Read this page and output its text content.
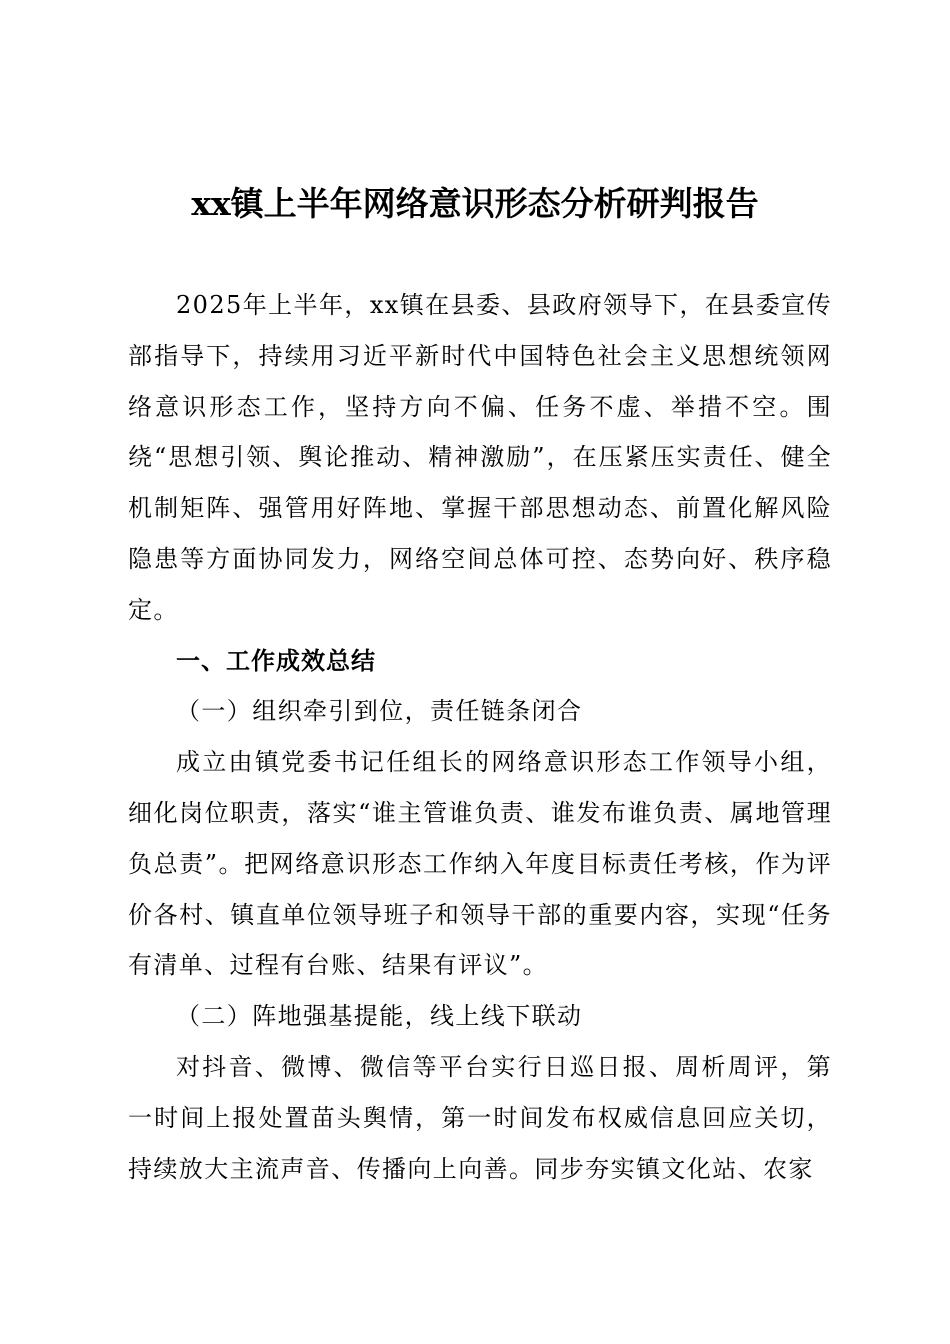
xx镇上半年网络意识形态分析研判报告

2025年上半年，xx镇在县委、县政府领导下，在县委宣传部指导下，持续用习近平新时代中国特色社会主义思想统领网络意识形态工作，坚持方向不偏、任务不虚、举措不空。围绕“思想引领、舆论推动、精神激励”，在压紧压实责任、健全机制矩阵、强管用好阵地、掌握干部思想动态、前置化解风险隐患等方面协同发力，网络空间总体可控、态势向好、秩序稳定。

一、工作成效总结

（一）组织牵引到位，责任链条闭合

成立由镇党委书记任组长的网络意识形态工作领导小组，细化岗位职责，落实“谁主管谁负责、谁发布谁负责、属地管理负总责”。把网络意识形态工作纳入年度目标责任考核，作为评价各村、镇直单位领导班子和领导干部的重要内容，实现“任务有清单、过程有台账、结果有评议”。

（二）阵地强基提能，线上线下联动

对抖音、微博、微信等平台实行日巡日报、周析周评，第一时间上报处置苗头舆情，第一时间发布权威信息回应关切，持续放大主流声音、传播向上向善。同步夯实镇文化站、农家
